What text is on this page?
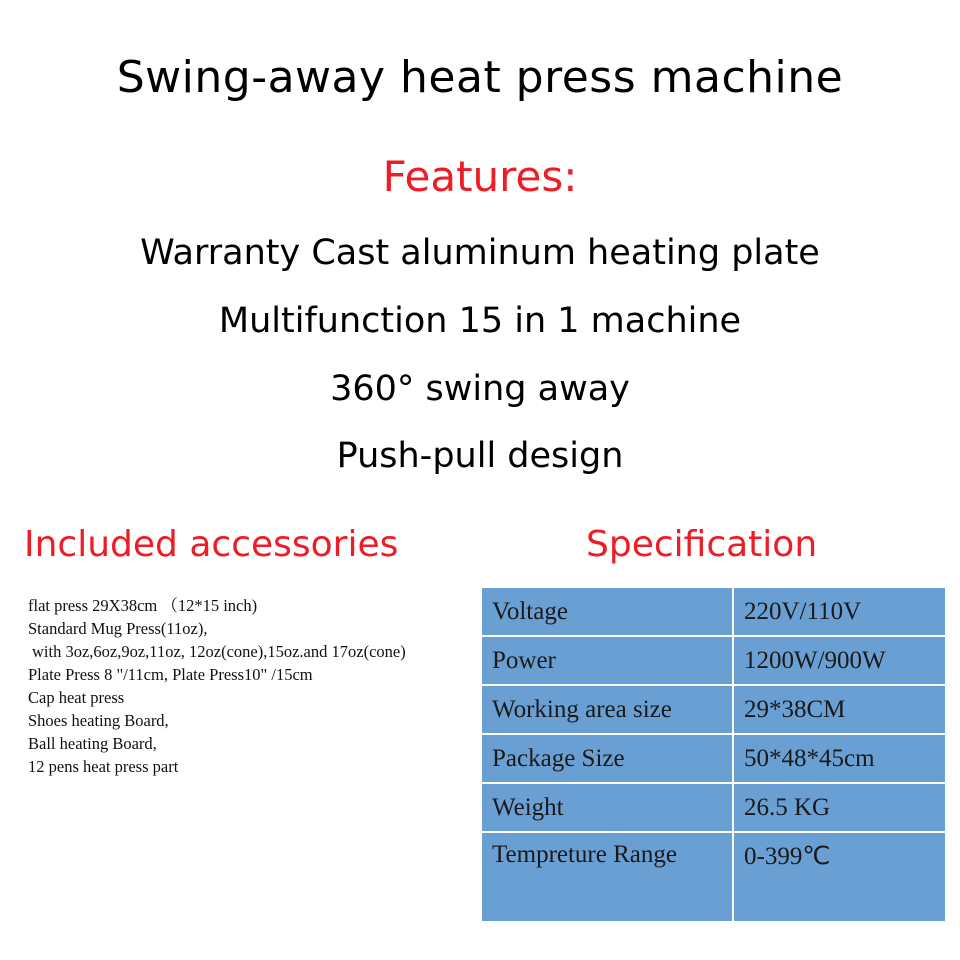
Swing-away heat press machine
Features:
Warranty Cast aluminum heating plate
Multifunction 15 in 1 machine
360° swing away
Push-pull design
Included accessories	Specification
flat press 29X38cm （12*15 inch)
Standard Mug Press(11oz),
with 3oz,6oz,9oz,11oz, 12oz(cone),15oz.and 17oz(cone)
Plate Press 8 "/11cm, Plate Press10" /15cm
Cap heat press
Shoes heating Board,
Ball heating Board,
12 pens heat press part
Voltage	220V/110V
Power	1200W/900W
Working area size	29*38CM
Package Size	50*48*45cm
Weight	26.5 KG
Tempreture Range	0-399℃
